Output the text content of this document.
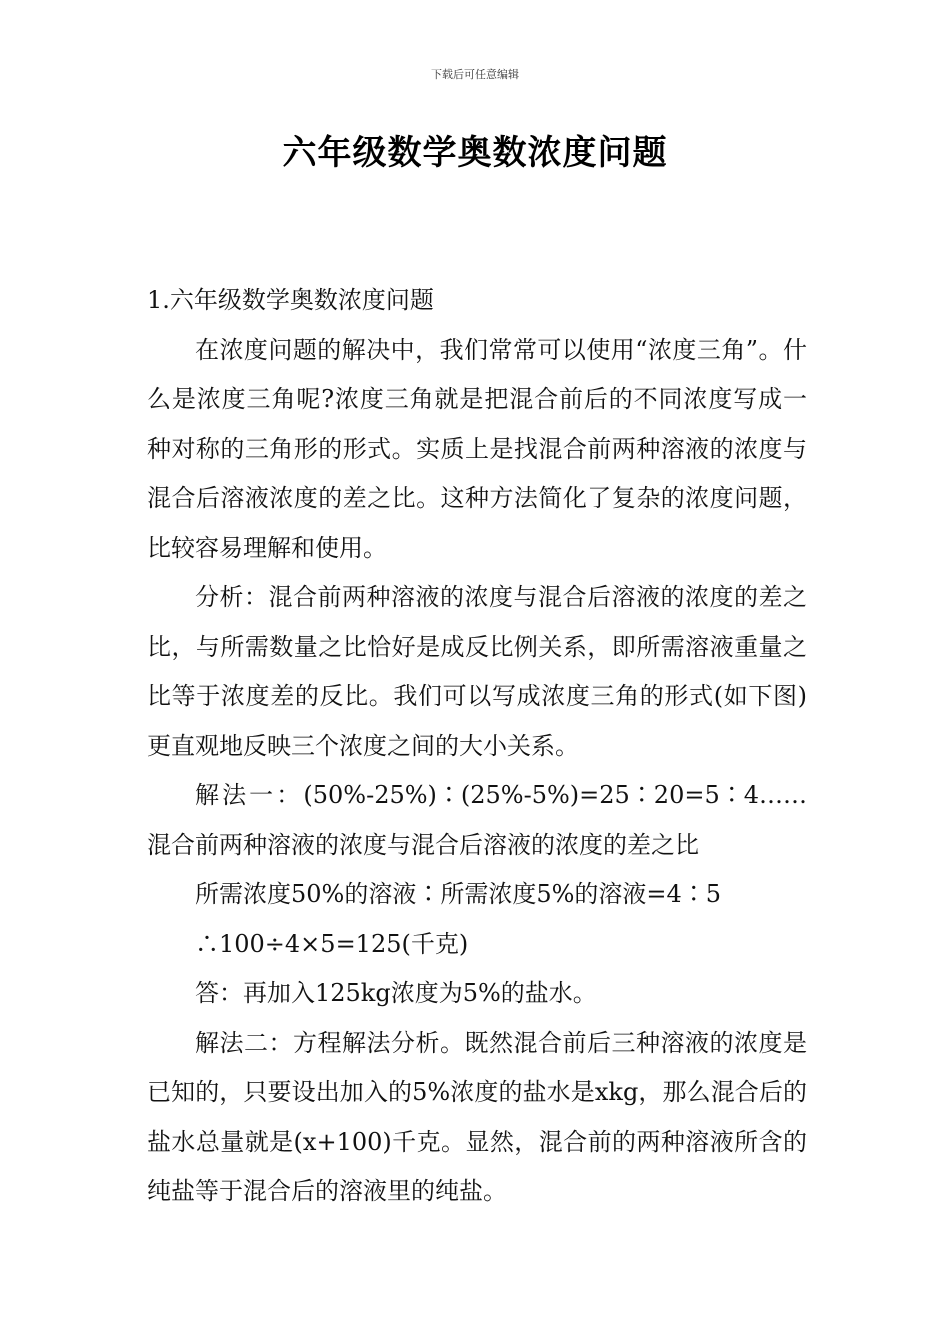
下载后可任意编辑
六年级数学奥数浓度问题

1.六年级数学奥数浓度问题

在浓度问题的解决中，我们常常可以使用“浓度三角”。什么是浓度三角呢?浓度三角就是把混合前后的不同浓度写成一种对称的三角形的形式。实质上是找混合前两种溶液的浓度与混合后溶液浓度的差之比。这种方法简化了复杂的浓度问题，比较容易理解和使用。

分析：混合前两种溶液的浓度与混合后溶液的浓度的差之比，与所需数量之比恰好是成反比例关系，即所需溶液重量之比等于浓度差的反比。我们可以写成浓度三角的形式(如下图)更直观地反映三个浓度之间的大小关系。

解法一：(50%-25%)∶(25%-5%)=25∶20=5∶4……混合前两种溶液的浓度与混合后溶液的浓度的差之比

所需浓度50%的溶液∶所需浓度5%的溶液=4∶5

∴100÷4×5=125(千克)

答：再加入125kg浓度为5%的盐水。

解法二：方程解法分析。既然混合前后三种溶液的浓度是已知的，只要设出加入的5%浓度的盐水是xkg，那么混合后的盐水总量就是(x+100)千克。显然，混合前的两种溶液所含的纯盐等于混合后的溶液里的纯盐。
